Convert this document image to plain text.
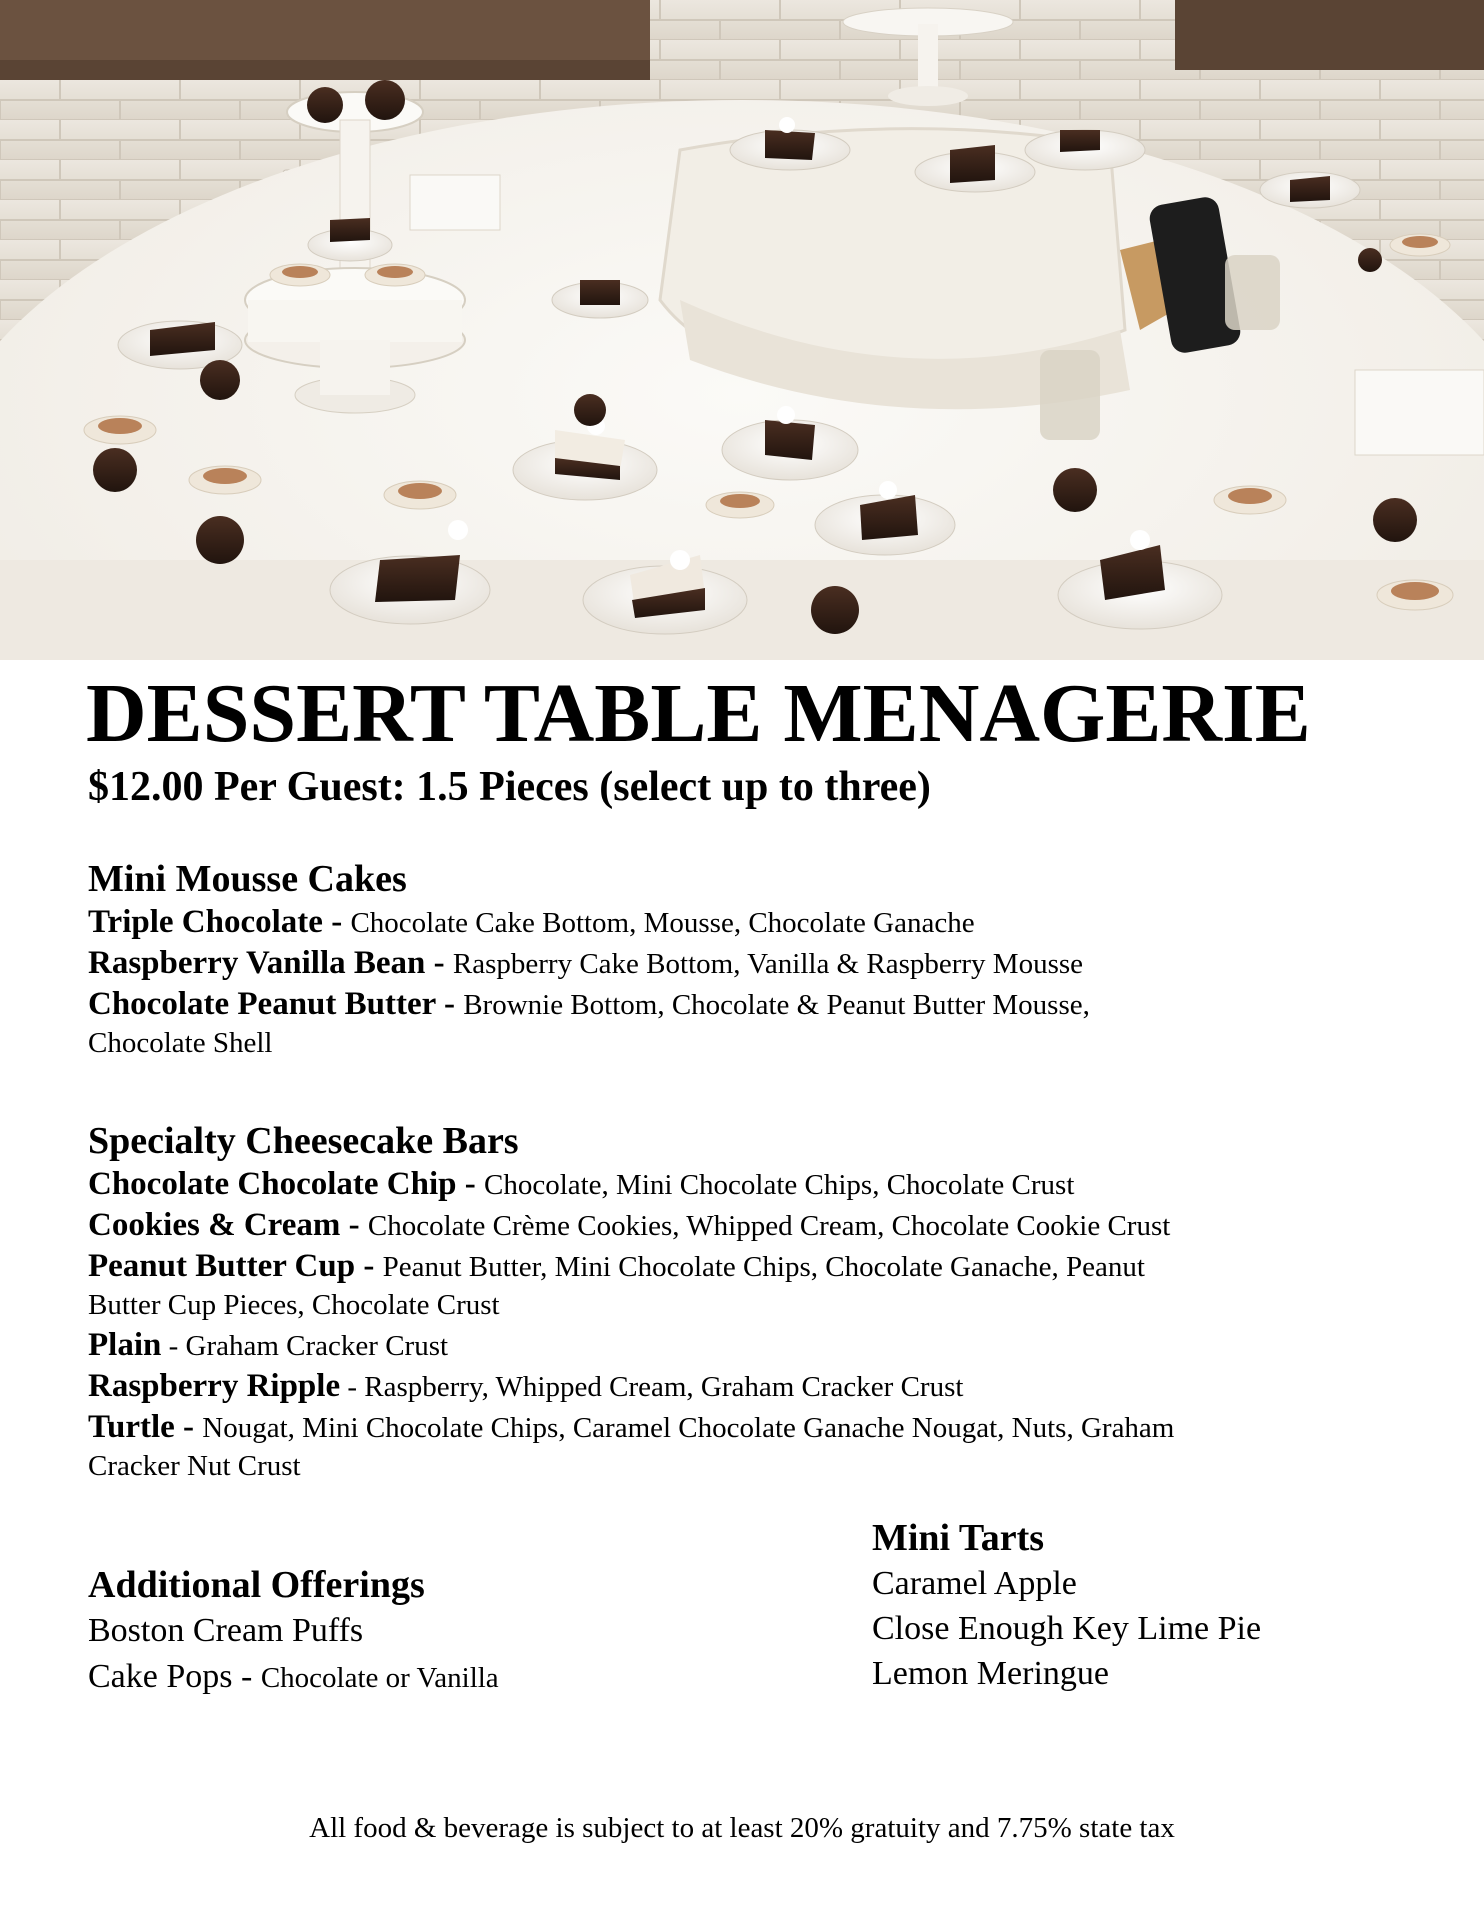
DESSERT TABLE MENAGERIE
$12.00 Per Guest: 1.5 Pieces (select up to three)
Mini Mousse Cakes

Triple Chocolate - Chocolate Cake Bottom, Mousse, Chocolate Ganache

Raspberry Vanilla Bean - Raspberry Cake Bottom, Vanilla & Raspberry Mousse

Chocolate Peanut Butter - Brownie Bottom, Chocolate & Peanut Butter Mousse,

Chocolate Shell

Specialty Cheesecake Bars

Chocolate Chocolate Chip - Chocolate, Mini Chocolate Chips, Chocolate Crust

Cookies & Cream - Chocolate Crème Cookies, Whipped Cream, Chocolate Cookie Crust

Peanut Butter Cup - Peanut Butter, Mini Chocolate Chips, Chocolate Ganache, Peanut

Butter Cup Pieces, Chocolate Crust

Plain - Graham Cracker Crust

Raspberry Ripple - Raspberry, Whipped Cream, Graham Cracker Crust

Turtle - Nougat, Mini Chocolate Chips, Caramel Chocolate Ganache Nougat, Nuts, Graham

Cracker Nut Crust

Mini Tarts

Caramel Apple

Close Enough Key Lime Pie

Lemon Meringue

Additional Offerings

Boston Cream Puffs

Cake Pops - Chocolate or Vanilla

All food & beverage is subject to at least 20% gratuity and 7.75% state tax
